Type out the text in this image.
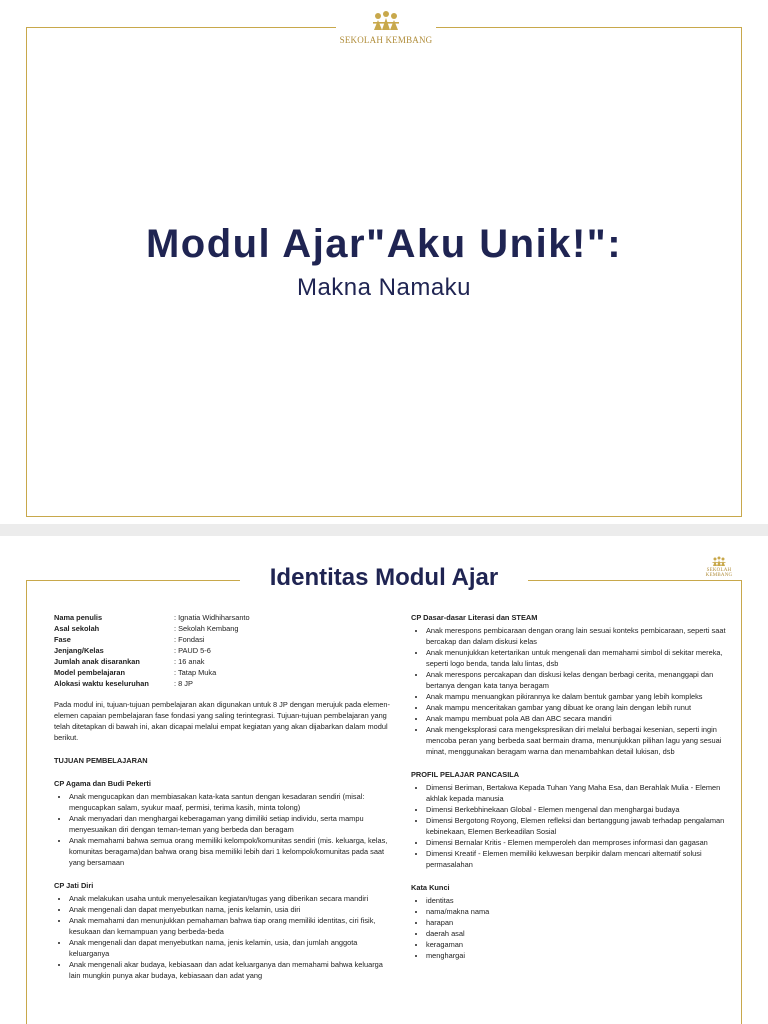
SEKOLAH KEMBANG
Modul Ajar"Aku Unik!":
Makna Namaku
Identitas Modul Ajar	SEKOLAH KEMBANG
Nama penulis	: Ignatia Widhiharsanto
Asal sekolah	: Sekolah Kembang
Fase	: Fondasi
Jenjang/Kelas	: PAUD 5-6
Jumlah anak disarankan	: 16 anak
Model pembelajaran	: Tatap Muka
Alokasi waktu keseluruhan	: 8 JP

Pada modul ini, tujuan-tujuan pembelajaran akan digunakan untuk 8 JP dengan merujuk pada elemen-elemen capaian pembelajaran fase fondasi yang saling terintegrasi. Tujuan-tujuan pembelajaran yang telah ditetapkan di bawah ini, akan dicapai melalui empat kegiatan yang akan dijabarkan dalam modul berikut.

TUJUAN PEMBELAJARAN

CP Agama dan Budi Pekerti

• Anak mengucapkan dan membiasakan kata-kata santun dengan kesadaran sendiri (misal: mengucapkan salam, syukur maaf, permisi, terima kasih, minta tolong)
• Anak menyadari dan menghargai keberagaman yang dimiliki setiap individu, serta mampu menyesuaikan diri dengan teman-teman yang berbeda dan beragam
• Anak memahami bahwa semua orang memiliki kelompok/komunitas sendiri (mis. keluarga, kelas, komunitas beragama)dan bahwa orang bisa memiliki lebih dari 1 kelompok/komunitas pada saat yang bersamaan

CP Jati Diri

• Anak melakukan usaha untuk menyelesaikan kegiatan/tugas yang diberikan secara mandiri
• Anak mengenali dan dapat menyebutkan nama, jenis kelamin, usia diri
• Anak memahami dan menunjukkan pemahaman bahwa tiap orang memiliki identitas, ciri fisik, kesukaan dan kemampuan yang berbeda-beda
• Anak mengenali dan dapat menyebutkan nama, jenis kelamin, usia, dan jumlah anggota keluarganya
• Anak mengenali akar budaya, kebiasaan dan adat keluarganya dan memahami bahwa keluarga lain mungkin punya akar budaya, kebiasaan dan adat yang

CP Dasar-dasar Literasi dan STEAM

• Anak merespons pembicaraan dengan orang lain sesuai konteks pembicaraan, seperti saat bercakap dan dalam diskusi kelas
• Anak menunjukkan ketertarikan untuk mengenali dan memahami simbol di sekitar mereka, seperti logo benda, tanda lalu lintas, dsb
• Anak merespons percakapan dan diskusi kelas dengan berbagi cerita, menanggapi dan bertanya dengan kata tanya beragam
• Anak mampu menuangkan pikirannya ke dalam bentuk gambar yang lebih kompleks
• Anak mampu menceritakan gambar yang dibuat ke orang lain dengan lebih runut
• Anak mampu membuat pola AB dan ABC secara mandiri
• Anak mengeksplorasi cara mengekspresikan diri melalui berbagai kesenian, seperti ingin mencoba peran yang berbeda saat bermain drama, menunjukkan pilihan lagu yang sesuai minat, menggunakan beragam warna dan menambahkan detail lukisan, dsb

PROFIL PELAJAR PANCASILA

• Dimensi Beriman, Bertakwa Kepada Tuhan Yang Maha Esa, dan Berahlak Mulia - Elemen akhlak kepada manusia
• Dimensi Berkebhinekaan Global - Elemen mengenal dan menghargai budaya
• Dimensi Bergotong Royong, Elemen refleksi dan bertanggung jawab terhadap pengalaman kebinekaan, Elemen Berkeadilan Sosial
• Dimensi Bernalar Kritis - Elemen memperoleh dan memproses informasi dan gagasan
• Dimensi Kreatif - Elemen memiliki keluwesan berpikir dalam mencari alternatif solusi permasalahan

Kata Kunci

• identitas
• nama/makna nama
• harapan
• daerah asal
• keragaman
• menghargai
